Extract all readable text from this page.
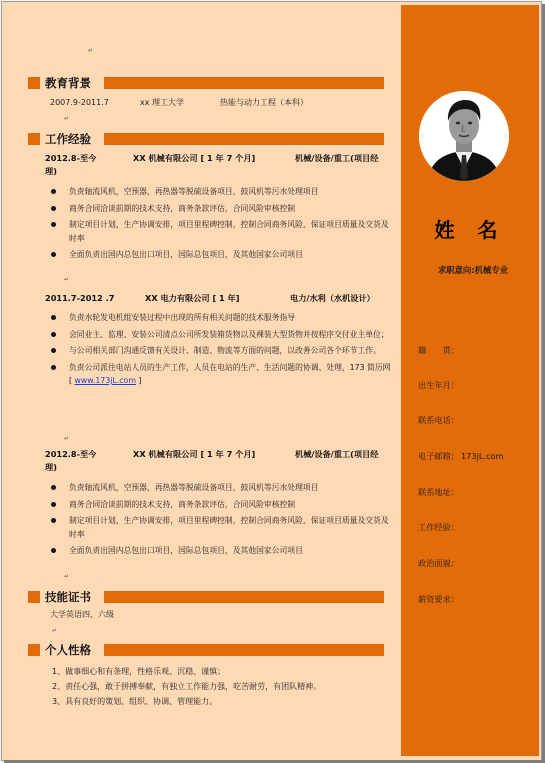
↵
教育背景
2007.9-2011.7	xx 理工大学	热能与动力工程（本科）
↵
工作经验
2012.8-至今	XX 机械有限公司 [ 1 年 7 个月]	机械/设备/重工(项目经
理)
负责轴流风机，空预器，再热器等脱硫设备项目，鼓风机等污水处理项目
商务合同洽谈前期的技术支持，商务条款评估，合同风险审核控制
制定项目计划，生产协调安排，项目里程碑控制，控制合同商务风险，保证项目质量及交货及时率
全面负责出国内总包出口项目，国际总包项目，及其他国家公司项目
↵
2011.7-2012 .7	XX 电力有限公司 [ 1 年]	电力/水利（水机设计）
负责水轮发电机组安装过程中出现的所有相关问题的技术服务指导
会同业主、监理、安装公司清点公司所发装箱货物以及裸装大型货物并按程序交付业主单位；
与公司相关部门沟通反馈有关设计、制造、物流等方面的问题，以改善公司各个环节工作。
负责公司派往电站人员的生产工作，人员在电站的生产、生活问题的协调、处理，173 简历网 [ www.173jL.com ]
↵
2012.8-至今	XX 机械有限公司 [ 1 年 7 个月]	机械/设备/重工(项目经
理)
负责轴流风机，空预器，再热器等脱硫设备项目，鼓风机等污水处理项目
商务合同洽谈前期的技术支持，商务条款评估，合同风险审核控制
制定项目计划，生产协调安排，项目里程碑控制，控制合同商务风险，保证项目质量及交货及时率
全面负责出国内总包出口项目，国际总包项目，及其他国家公司项目
↵
技能证书
大学英语四、六级
↵
个人性格
1、做事细心和有条理，性格乐观、沉稳、谨慎；
2、责任心强，敢于拼搏奉献，有独立工作能力强，吃苦耐劳，有团队精神。
3、具有良好的策划、组织、协调、管理能力。
姓 名
求职意向:机械专业
籍　　贯：
出生年月：
联系电话：
电子邮箱： 173jL.com
联系地址：
工作经验：
政治面貌：
薪资要求：
